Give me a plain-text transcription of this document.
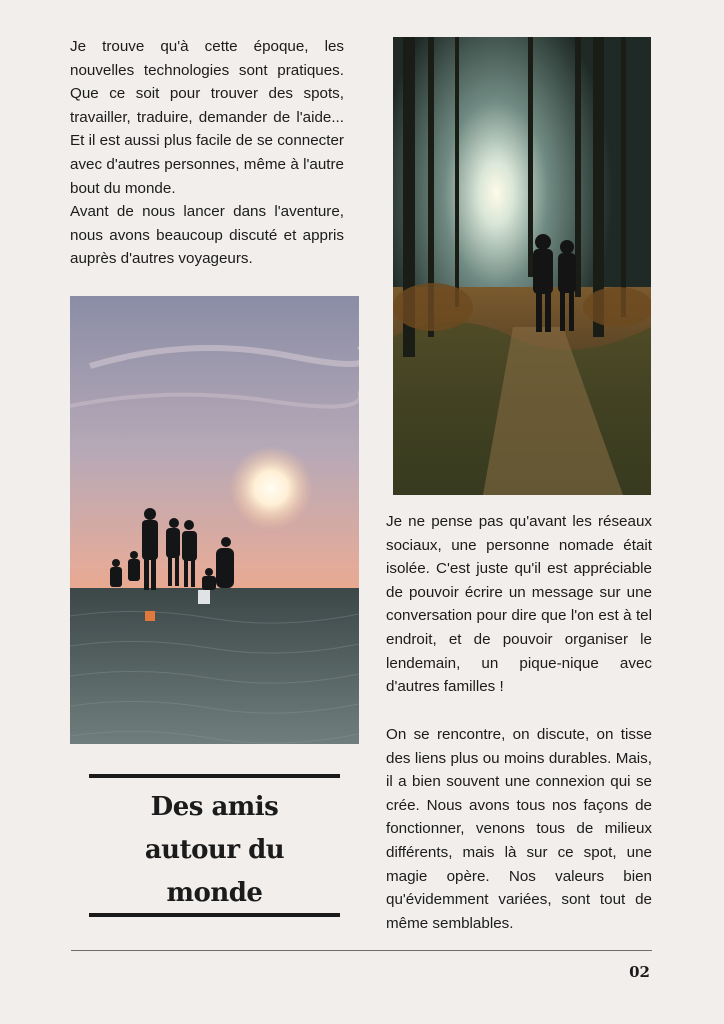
Je trouve qu'à cette époque, les nouvelles technologies sont pratiques. Que ce soit pour trouver des spots, travailler, traduire, demander de l'aide... Et il est aussi plus facile de se connecter avec d'autres personnes, même à l'autre bout du monde.
Avant de nous lancer dans l'aventure, nous avons beaucoup discuté et appris auprès d'autres voyageurs.

Je ne pense pas qu'avant les réseaux sociaux, une personne nomade était isolée. C'est juste qu'il est appréciable de pouvoir écrire un message sur une conversation pour dire que l'on est à tel endroit, et de pouvoir organiser le lendemain, un pique-nique avec d'autres familles !

On se rencontre, on discute, on tisse des liens plus ou moins durables. Mais, il a bien souvent une connexion qui se crée. Nous avons tous nos façons de fonctionner, venons tous de milieux différents, mais là sur ce spot, une magie opère. Nos valeurs bien qu'évidemment variées, sont tout de même semblables.

Des amis
autour du
monde
02
